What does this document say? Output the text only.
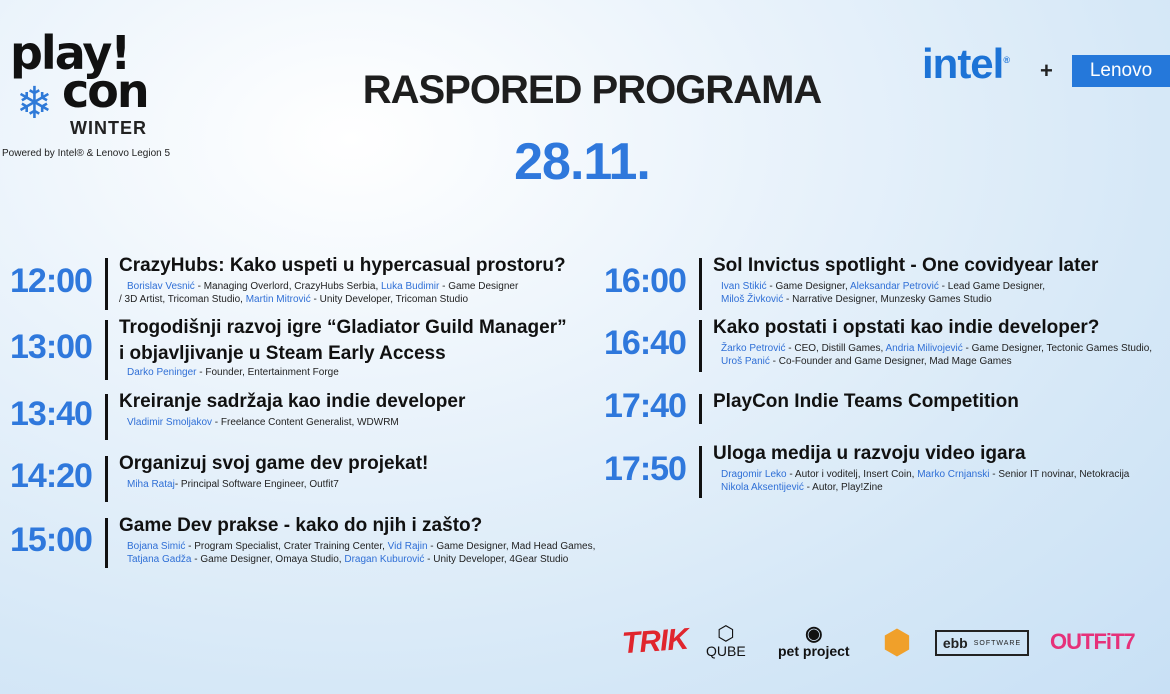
play!
❄ con
WINTER
Powered by Intel® & Lenovo Legion 5
RASPORED PROGRAMA
28.11.
intel® +	Lenovo
12:00 CrazyHubs: Kako uspeti u hypercasual prostoru?
Borislav Vesnić - Managing Overlord, CrazyHubs Serbia, Luka Budimir - Game Designer
/ 3D Artist, Tricoman Studio, Martin Mitrović - Unity Developer, Tricoman Studio
13:00
Trogodišnji razvoj igre “Gladiator Guild Manager”
i objavljivanje u Steam Early Access
Darko Peninger - Founder, Entertainment Forge
13:40 Kreiranje sadržaja kao indie developer
Vladimir Smoljakov - Freelance Content Generalist, WDWRM
14:20 Organizuj svoj game dev projekat!
Miha Rataj- Principal Software Engineer, Outfit7
15:00 Game Dev prakse - kako do njih i zašto?
Bojana Simić - Program Specialist, Crater Training Center, Vid Rajin - Game Designer, Mad Head Games,
Tatjana Gadža - Game Designer, Omaya Studio, Dragan Kuburović - Unity Developer, 4Gear Studio
16:00 Sol Invictus spotlight - One covidyear later
Ivan Stikić - Game Designer, Aleksandar Petrović - Lead Game Designer,
Miloš Živković - Narrative Designer, Munzesky Games Studio
16:40 Kako postati i opstati kao indie developer?
Žarko Petrović - CEO, Distill Games, Andria Milivojević - Game Designer, Tectonic Games Studio,
Uroš Panić - Co-Founder and Game Designer, Mad Mage Games
17:40 PlayCon Indie Teams Competition
17:50 Uloga medija u razvoju video igara
Dragomir Leko - Autor i voditelj, Insert Coin, Marko Crnjanski - Senior IT novinar, Netokracija
Nikola Aksentijević - Autor, Play!Zine
TRIK ⬡
QUBE
◉
pet project ⬢ ebb SOFTWARE OUTFiT7
